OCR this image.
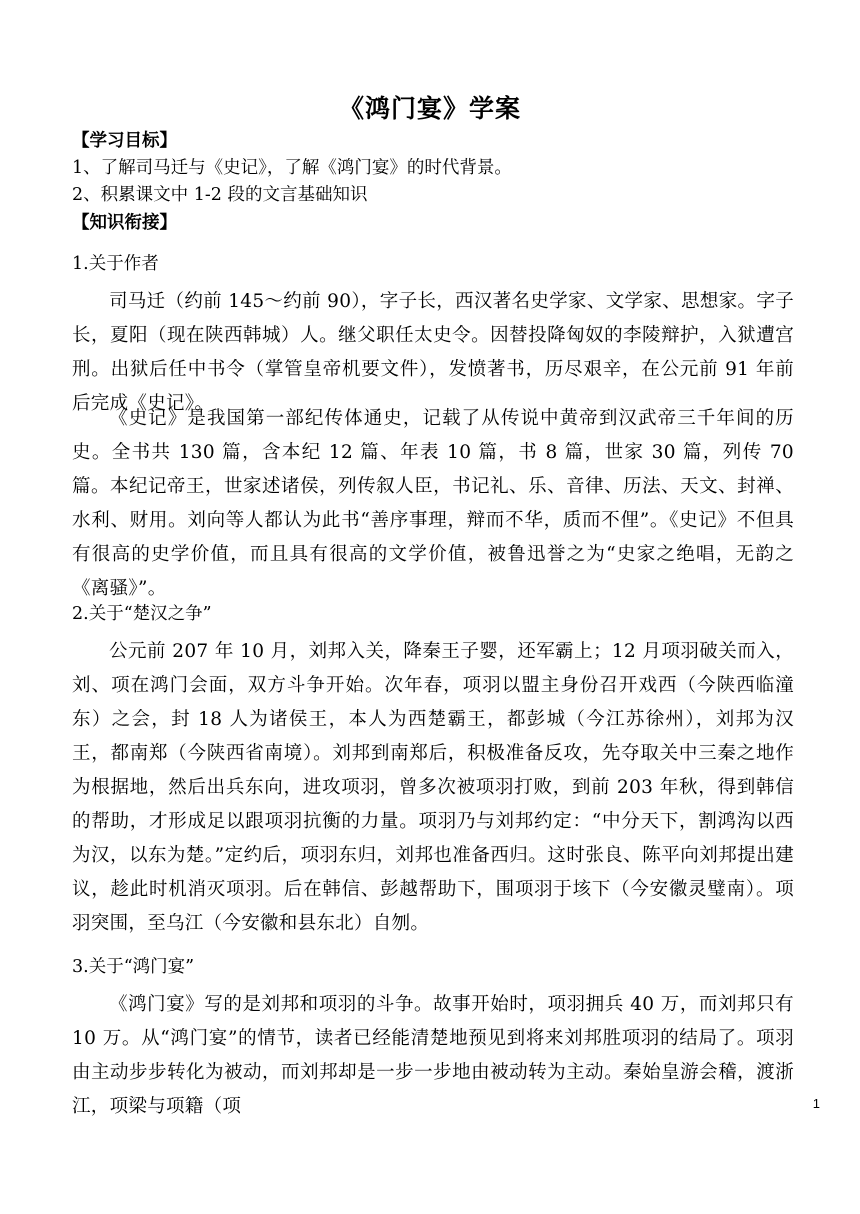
《鸿门宴》学案
【学习目标】
1、了解司马迁与《史记》，了解《鸿门宴》的时代背景。
2、积累课文中 1-2 段的文言基础知识
【知识衔接】
1.关于作者
司马迁（约前 145～约前 90），字子长，西汉著名史学家、文学家、思想家。字子长，夏阳（现在陕西韩城）人。继父职任太史令。因替投降匈奴的李陵辩护，入狱遭宫刑。出狱后任中书令（掌管皇帝机要文件），发愤著书，历尽艰辛，在公元前 91 年前后完成《史记》。
《史记》是我国第一部纪传体通史，记载了从传说中黄帝到汉武帝三千年间的历史。全书共 130 篇，含本纪 12 篇、年表 10 篇，书 8 篇，世家 30 篇，列传 70 篇。本纪记帝王，世家述诸侯，列传叙人臣，书记礼、乐、音律、历法、天文、封禅、水利、财用。刘向等人都认为此书“善序事理，辩而不华，质而不俚”。《史记》不但具有很高的史学价值，而且具有很高的文学价值，被鲁迅誉之为“史家之绝唱，无韵之《离骚》”。
2.关于“楚汉之争”
公元前 207 年 10 月，刘邦入关，降秦王子婴，还军霸上；12 月项羽破关而入，刘、项在鸿门会面，双方斗争开始。次年春，项羽以盟主身份召开戏西（今陕西临潼东）之会，封 18 人为诸侯王，本人为西楚霸王，都彭城（今江苏徐州），刘邦为汉王，都南郑（今陕西省南境）。刘邦到南郑后，积极准备反攻，先夺取关中三秦之地作为根据地，然后出兵东向，进攻项羽，曾多次被项羽打败，到前 203 年秋，得到韩信的帮助，才形成足以跟项羽抗衡的力量。项羽乃与刘邦约定：“中分天下，割鸿沟以西为汉，以东为楚。”定约后，项羽东归，刘邦也准备西归。这时张良、陈平向刘邦提出建议，趁此时机消灭项羽。后在韩信、彭越帮助下，围项羽于垓下（今安徽灵璧南）。项羽突围，至乌江（今安徽和县东北）自刎。
3.关于“鸿门宴”
《鸿门宴》写的是刘邦和项羽的斗争。故事开始时，项羽拥兵 40 万，而刘邦只有 10 万。从“鸿门宴”的情节，读者已经能清楚地预见到将来刘邦胜项羽的结局了。项羽由主动步步转化为被动，而刘邦却是一步一步地由被动转为主动。秦始皇游会稽，渡浙江，项梁与项籍（项	1
